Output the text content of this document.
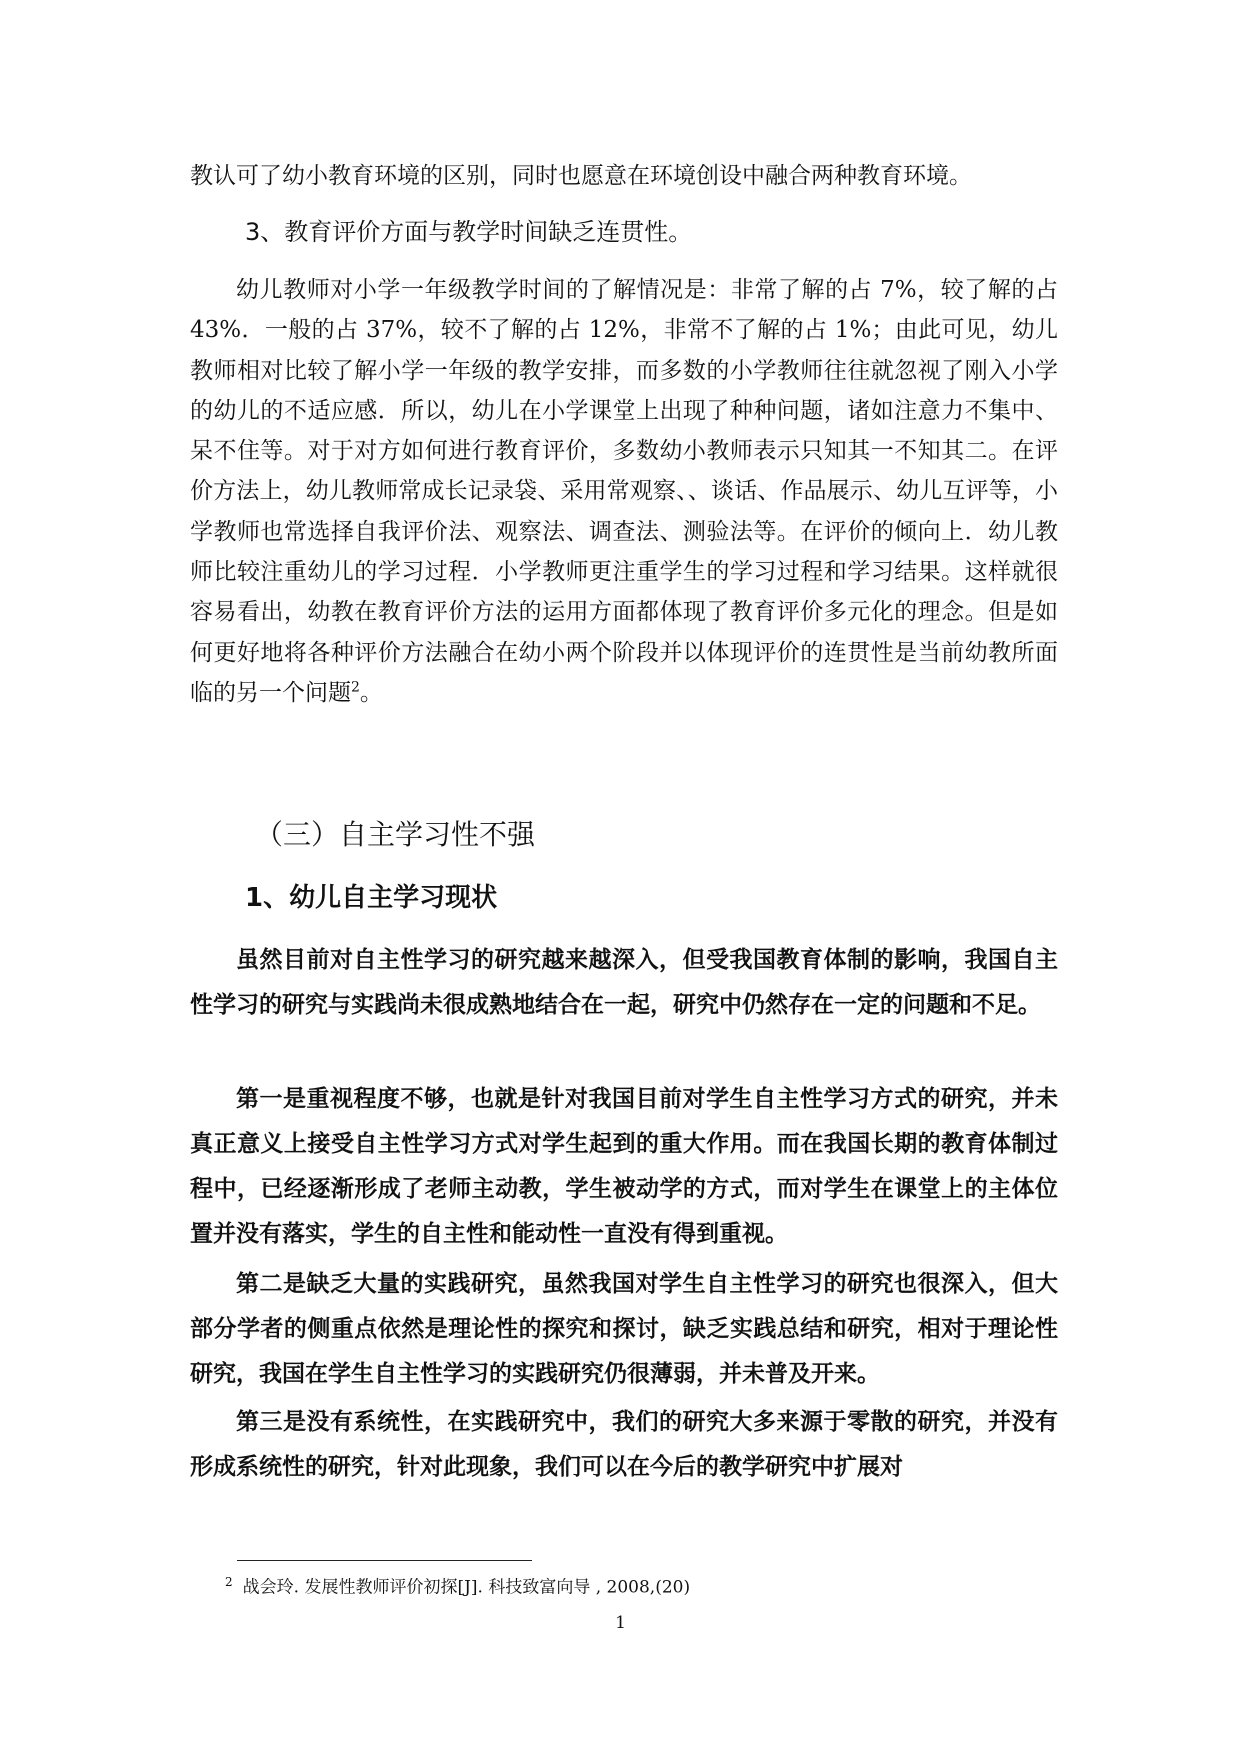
教认可了幼小教育环境的区别，同时也愿意在环境创设中融合两种教育环境。

3、教育评价方面与教学时间缺乏连贯性。

幼儿教师对小学一年级教学时间的了解情况是：非常了解的占 7%，较了解的占 43%．一般的占 37%，较不了解的占 12%，非常不了解的占 1%；由此可见，幼儿教师相对比较了解小学一年级的教学安排，而多数的小学教师往往就忽视了刚入小学的幼儿的不适应感．所以，幼儿在小学课堂上出现了种种问题，诸如注意力不集中、呆不住等。对于对方如何进行教育评价，多数幼小教师表示只知其一不知其二。在评价方法上，幼儿教师常成长记录袋、采用常观察、、谈话、作品展示、幼儿互评等，小学教师也常选择自我评价法、观察法、调查法、测验法等。在评价的倾向上．幼儿教师比较注重幼儿的学习过程．小学教师更注重学生的学习过程和学习结果。这样就很容易看出，幼教在教育评价方法的运用方面都体现了教育评价多元化的理念。但是如何更好地将各种评价方法融合在幼小两个阶段并以体现评价的连贯性是当前幼教所面临的另一个问题$^2$。

（三）自主学习性不强
1、幼儿自主学习现状

虽然目前对自主性学习的研究越来越深入，但受我国教育体制的影响，我国自主性学习的研究与实践尚未很成熟地结合在一起，研究中仍然存在一定的问题和不足。

第一是重视程度不够，也就是针对我国目前对学生自主性学习方式的研究，并未真正意义上接受自主性学习方式对学生起到的重大作用。而在我国长期的教育体制过程中，已经逐渐形成了老师主动教，学生被动学的方式，而对学生在课堂上的主体位置并没有落实，学生的自主性和能动性一直没有得到重视。

第二是缺乏大量的实践研究，虽然我国对学生自主性学习的研究也很深入，但大部分学者的侧重点依然是理论性的探究和探讨，缺乏实践总结和研究，相对于理论性研究，我国在学生自主性学习的实践研究仍很薄弱，并未普及开来。

第三是没有系统性，在实践研究中，我们的研究大多来源于零散的研究，并没有形成系统性的研究，针对此现象，我们可以在今后的教学研究中扩展对

$^2$ 战会玲. 发展性教师评价初探[J]. 科技致富向导 , 2008,(20)

1
